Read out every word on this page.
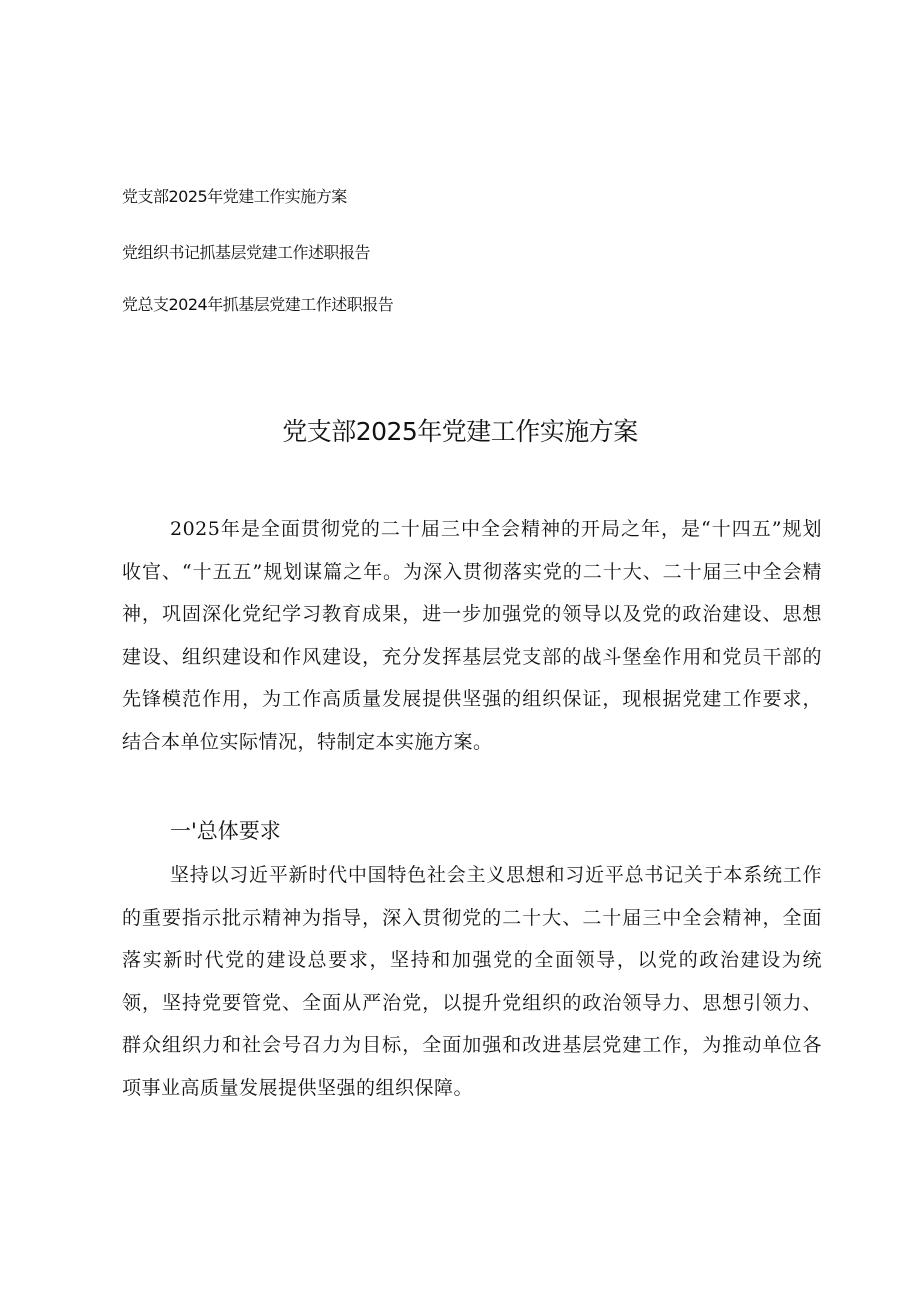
党支部2025年党建工作实施方案
党组织书记抓基层党建工作述职报告
党总支2024年抓基层党建工作述职报告
党支部2025年党建工作实施方案

2025年是全面贯彻党的二十届三中全会精神的开局之年，是“十四五”规划收官、“十五五”规划谋篇之年。为深入贯彻落实党的二十大、二十届三中全会精神，巩固深化党纪学习教育成果，进一步加强党的领导以及党的政治建设、思想建设、组织建设和作风建设，充分发挥基层党支部的战斗堡垒作用和党员干部的先锋模范作用，为工作高质量发展提供坚强的组织保证，现根据党建工作要求，结合本单位实际情况，特制定本实施方案。

一'总体要求

坚持以习近平新时代中国特色社会主义思想和习近平总书记关于本系统工作的重要指示批示精神为指导，深入贯彻党的二十大、二十届三中全会精神，全面落实新时代党的建设总要求，坚持和加强党的全面领导，以党的政治建设为统领，坚持党要管党、全面从严治党，以提升党组织的政治领导力、思想引领力、群众组织力和社会号召力为目标，全面加强和改进基层党建工作，为推动单位各项事业高质量发展提供坚强的组织保障。
